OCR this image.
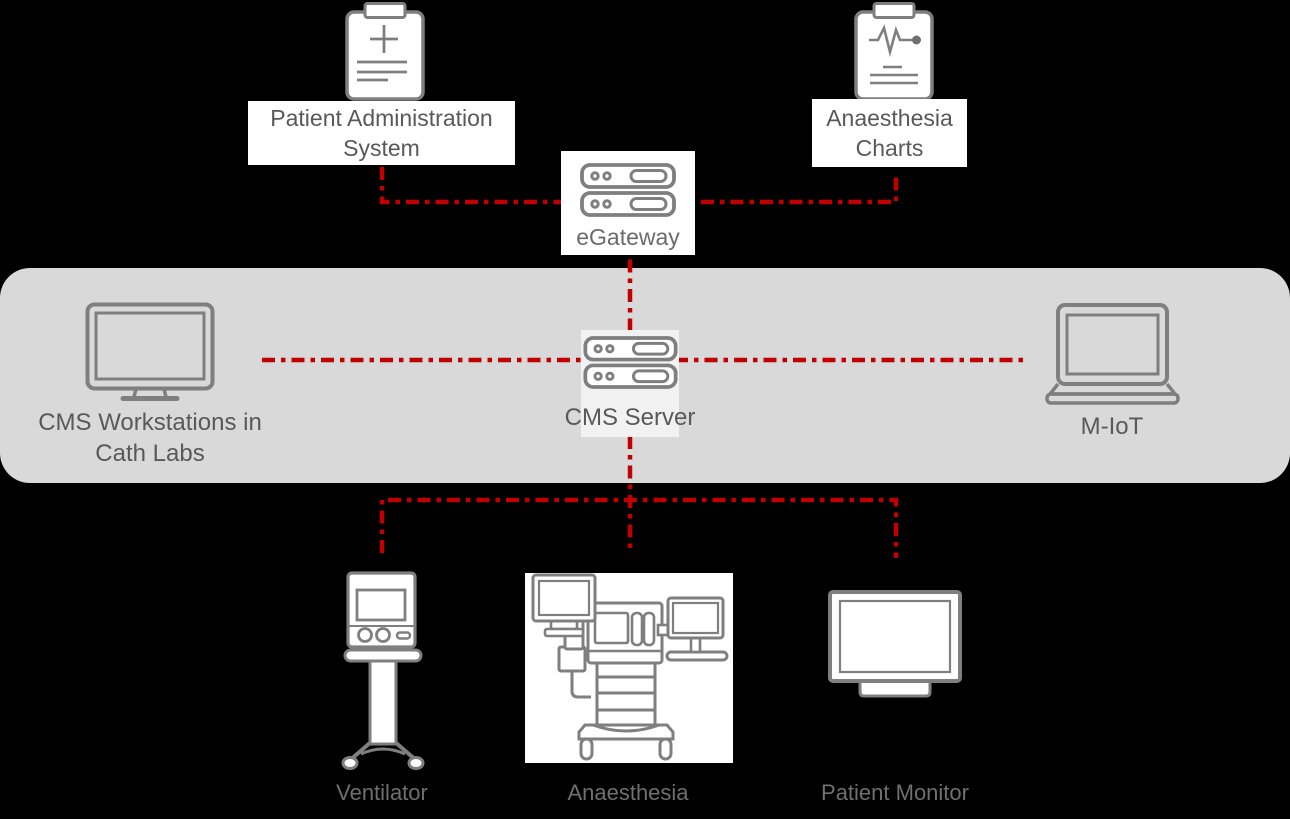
Patient Administration System
Anaesthesia Charts
eGateway
CMS Workstations in Cath Labs
CMS Server	M-IoT
Ventilator	Anaesthesia	Patient Monitor
